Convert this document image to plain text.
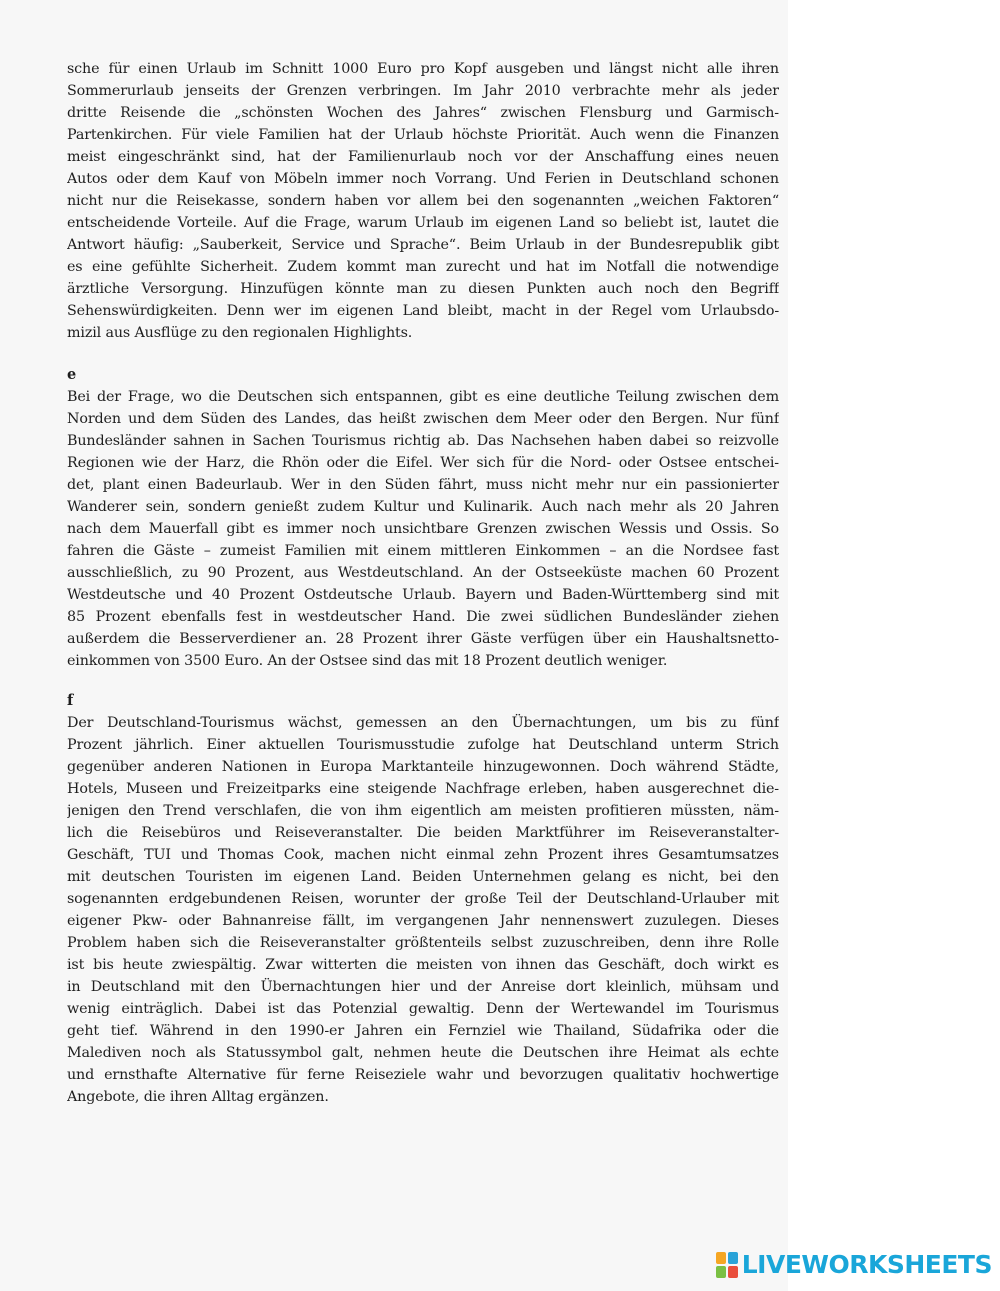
sche für einen Urlaub im Schnitt 1000 Euro pro Kopf ausgeben und längst nicht alle ihren
Sommerurlaub jenseits der Grenzen verbringen. Im Jahr 2010 verbrachte mehr als jeder
dritte Reisende die „schönsten Wochen des Jahres“ zwischen Flensburg und Garmisch-
Partenkirchen. Für viele Familien hat der Urlaub höchste Priorität. Auch wenn die Finanzen
meist eingeschränkt sind, hat der Familienurlaub noch vor der Anschaffung eines neuen
Autos oder dem Kauf von Möbeln immer noch Vorrang. Und Ferien in Deutschland schonen
nicht nur die Reisekasse, sondern haben vor allem bei den sogenannten „weichen Faktoren“
entscheidende Vorteile. Auf die Frage, warum Urlaub im eigenen Land so beliebt ist, lautet die
Antwort häufig: „Sauberkeit, Service und Sprache“. Beim Urlaub in der Bundesrepublik gibt
es eine gefühlte Sicherheit. Zudem kommt man zurecht und hat im Notfall die notwendige
ärztliche Versorgung. Hinzufügen könnte man zu diesen Punkten auch noch den Begriff
Sehenswürdigkeiten. Denn wer im eigenen Land bleibt, macht in der Regel vom Urlaubsdo-
mizil aus Ausflüge zu den regionalen Highlights.
e
Bei der Frage, wo die Deutschen sich entspannen, gibt es eine deutliche Teilung zwischen dem
Norden und dem Süden des Landes, das heißt zwischen dem Meer oder den Bergen. Nur fünf
Bundesländer sahnen in Sachen Tourismus richtig ab. Das Nachsehen haben dabei so reizvolle
Regionen wie der Harz, die Rhön oder die Eifel. Wer sich für die Nord- oder Ostsee entschei-
det, plant einen Badeurlaub. Wer in den Süden fährt, muss nicht mehr nur ein passionierter
Wanderer sein, sondern genießt zudem Kultur und Kulinarik. Auch nach mehr als 20 Jahren
nach dem Mauerfall gibt es immer noch unsichtbare Grenzen zwischen Wessis und Ossis. So
fahren die Gäste – zumeist Familien mit einem mittleren Einkommen – an die Nordsee fast
ausschließlich, zu 90 Prozent, aus Westdeutschland. An der Ostseeküste machen 60 Prozent
Westdeutsche und 40 Prozent Ostdeutsche Urlaub. Bayern und Baden-Württemberg sind mit
85 Prozent ebenfalls fest in westdeutscher Hand. Die zwei südlichen Bundesländer ziehen
außerdem die Besserverdiener an. 28 Prozent ihrer Gäste verfügen über ein Haushaltsnetto-
einkommen von 3500 Euro. An der Ostsee sind das mit 18 Prozent deutlich weniger.
f
Der Deutschland-Tourismus wächst, gemessen an den Übernachtungen, um bis zu fünf
Prozent jährlich. Einer aktuellen Tourismusstudie zufolge hat Deutschland unterm Strich
gegenüber anderen Nationen in Europa Marktanteile hinzugewonnen. Doch während Städte,
Hotels, Museen und Freizeitparks eine steigende Nachfrage erleben, haben ausgerechnet die-
jenigen den Trend verschlafen, die von ihm eigentlich am meisten profitieren müssten, näm-
lich die Reisebüros und Reiseveranstalter. Die beiden Marktführer im Reiseveranstalter-
Geschäft, TUI und Thomas Cook, machen nicht einmal zehn Prozent ihres Gesamtumsatzes
mit deutschen Touristen im eigenen Land. Beiden Unternehmen gelang es nicht, bei den
sogenannten erdgebundenen Reisen, worunter der große Teil der Deutschland-Urlauber mit
eigener Pkw- oder Bahnanreise fällt, im vergangenen Jahr nennenswert zuzulegen. Dieses
Problem haben sich die Reiseveranstalter größtenteils selbst zuzuschreiben, denn ihre Rolle
ist bis heute zwiespältig. Zwar witterten die meisten von ihnen das Geschäft, doch wirkt es
in Deutschland mit den Übernachtungen hier und der Anreise dort kleinlich, mühsam und
wenig einträglich. Dabei ist das Potenzial gewaltig. Denn der Wertewandel im Tourismus
geht tief. Während in den 1990-er Jahren ein Fernziel wie Thailand, Südafrika oder die
Malediven noch als Statussymbol galt, nehmen heute die Deutschen ihre Heimat als echte
und ernsthafte Alternative für ferne Reiseziele wahr und bevorzugen qualitativ hochwertige
Angebote, die ihren Alltag ergänzen.
LIVEWORKSHEETS
